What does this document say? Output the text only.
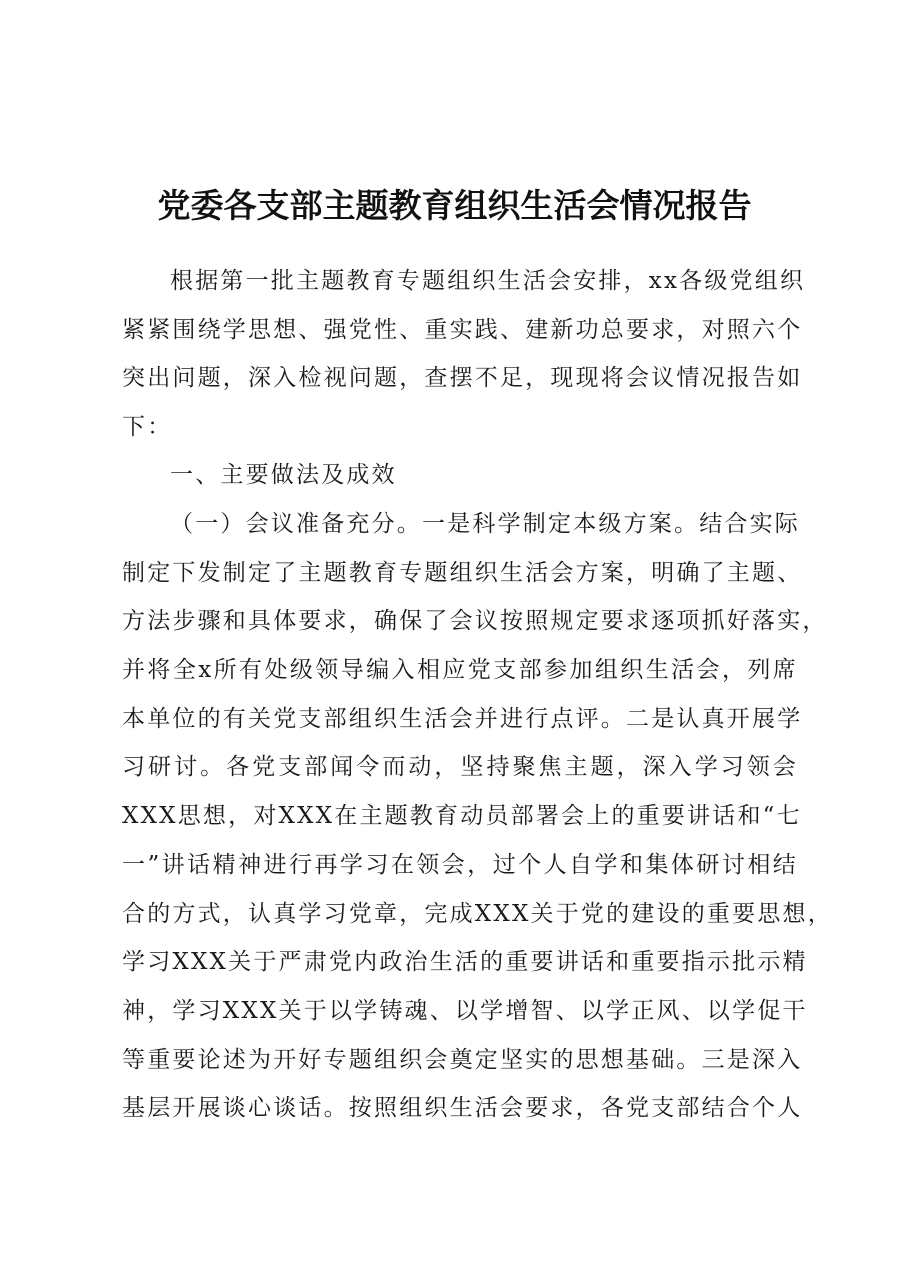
党委各支部主题教育组织生活会情况报告
根据第一批主题教育专题组织生活会安排，xx各级党组织
紧紧围绕学思想、强党性、重实践、建新功总要求，对照六个
突出问题，深入检视问题，查摆不足，现现将会议情况报告如
下：
一、主要做法及成效
（一）会议准备充分。一是科学制定本级方案。结合实际
制定下发制定了主题教育专题组织生活会方案，明确了主题、
方法步骤和具体要求，确保了会议按照规定要求逐项抓好落实，
并将全x所有处级领导编入相应党支部参加组织生活会，列席
本单位的有关党支部组织生活会并进行点评。二是认真开展学
习研讨。各党支部闻令而动，坚持聚焦主题，深入学习领会
XXX思想，对XXX在主题教育动员部署会上的重要讲话和“七
一”讲话精神进行再学习在领会，过个人自学和集体研讨相结
合的方式，认真学习党章，完成XXX关于党的建设的重要思想，
学习XXX关于严肃党内政治生活的重要讲话和重要指示批示精
神，学习XXX关于以学铸魂、以学增智、以学正风、以学促干
等重要论述为开好专题组织会奠定坚实的思想基础。三是深入
基层开展谈心谈话。按照组织生活会要求，各党支部结合个人
